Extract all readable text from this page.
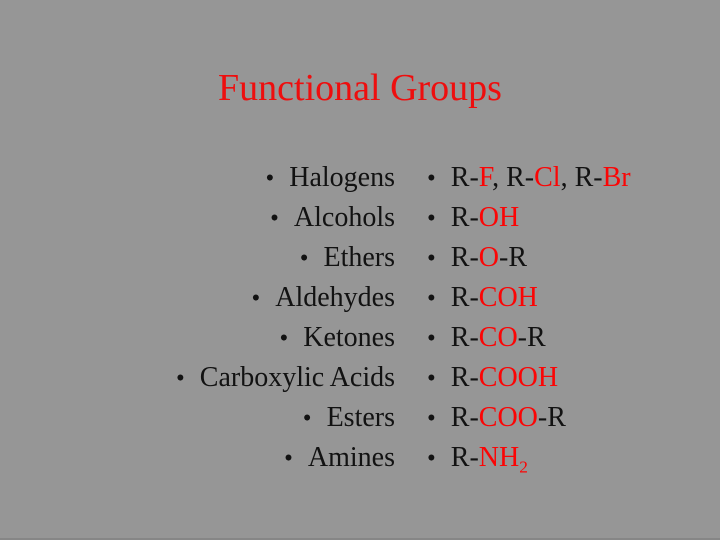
Functional Groups
• Halogens
• Alcohols
• Ethers
• Aldehydes
• Ketones
• Carboxylic Acids
• Esters
• Amines
• R-F, R-Cl, R-Br
• R-OH
• R-O-R
• R-COH
• R-CO-R
• R-COOH
• R-COO-R
• $R-NH_2$
